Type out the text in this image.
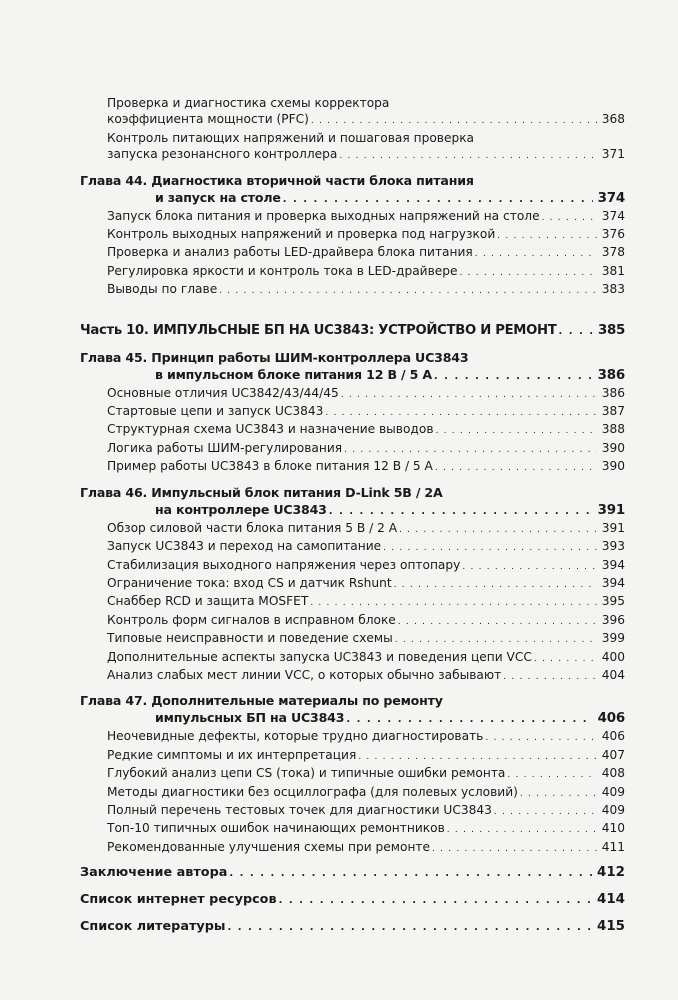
Проверка и диагностика схемы корректора
коэффициента мощности (PFC) . . .	368
Контроль питающих напряжений и пошаговая проверка
запуска резонансного контроллера . . .	371
Глава 44. Диагностика вторичной части блока питания
и запуск на столе . . .	374
Запуск блока питания и проверка выходных напряжений на столе . . .	374
Контроль выходных напряжений и проверка под нагрузкой . . .	376
Проверка и анализ работы LED-драйвера блока питания . . .	378
Регулировка яркости и контроль тока в LED-драйвере . . .	381
Выводы по главе . . .	383
Часть 10. ИМПУЛЬСНЫЕ БП НА UC3843: УСТРОЙСТВО И РЕМОНТ . . .	385
Глава 45. Принцип работы ШИМ-контроллера UC3843
в импульсном блоке питания 12 В / 5 А . . .	386
Основные отличия UC3842/43/44/45 . . .	386
Стартовые цепи и запуск UC3843 . . .	387
Структурная схема UC3843 и назначение выводов . . .	388
Логика работы ШИМ-регулирования . . .	390
Пример работы UC3843 в блоке питания 12 В / 5 А . . .	390
Глава 46. Импульсный блок питания D-Link 5В / 2А
на контроллере UC3843 . . .	391
Обзор силовой части блока питания 5 В / 2 А . . .	391
Запуск UC3843 и переход на самопитание . . .	393
Стабилизация выходного напряжения через оптопару . . .	394
Ограничение тока: вход CS и датчик Rshunt . . .	394
Снаббер RCD и защита MOSFET . . .	395
Контроль форм сигналов в исправном блоке . . .	396
Типовые неисправности и поведение схемы . . .	399
Дополнительные аспекты запуска UC3843 и поведения цепи VCC . . .	400
Анализ слабых мест линии VCC, о которых обычно забывают . . .	404
Глава 47. Дополнительные материалы по ремонту
импульсных БП на UC3843 . . .	406
Неочевидные дефекты, которые трудно диагностировать . . .	406
Редкие симптомы и их интерпретация . . .	407
Глубокий анализ цепи CS (тока) и типичные ошибки ремонта . . .	408
Методы диагностики без осциллографа (для полевых условий) . . .	409
Полный перечень тестовых точек для диагностики UC3843 . . .	409
Топ-10 типичных ошибок начинающих ремонтников . . .	410
Рекомендованные улучшения схемы при ремонте . . .	411
Заключение автора . . .	412
Список интернет ресурсов . . .	414
Список литературы . . .	415
